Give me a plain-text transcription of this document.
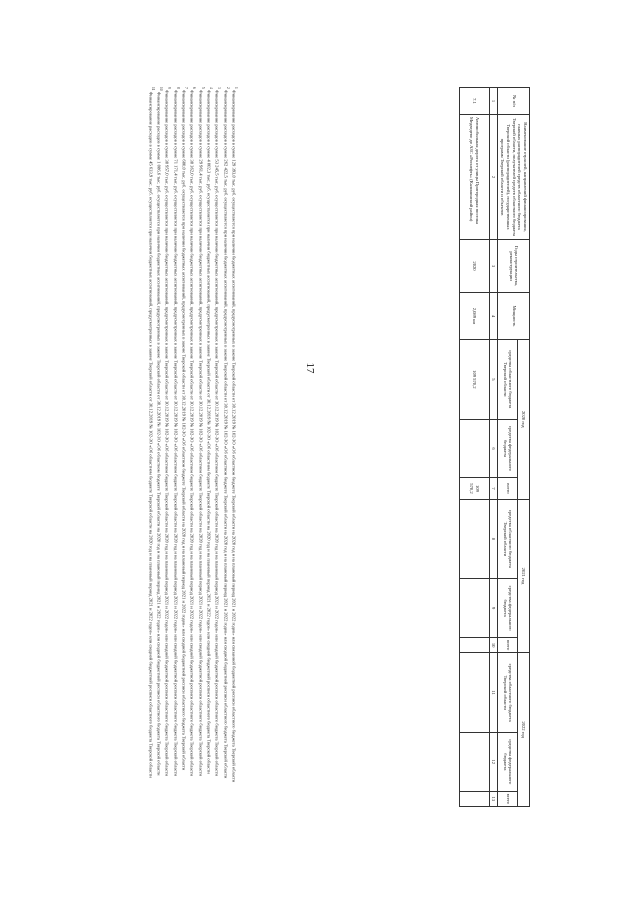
17
№ п/п	Наименование отраслей, направлений финансирования, главных распорядителей средств областного бюджета Тверской области, получателей средств областного бюджета Тверской области (распорядителей), государственных программ Тверской области и объектов	Годы строительства, реконструкции	Мощность	2020 год			2021 год			2022 год		
				средства областного бюджета Тверской области	средства федерального бюджета	всего	средства областного бюджета Тверской области	средства федерального бюджета	всего	средства областного бюджета Тверской области	средства федерального бюджета	всего
1	2	3	4	5	6	7	8	9	10	11	12	13
7.1	Автомобильная дорога от улицы Пригородная поселка Медведево до АЗС «Роснефть» (Калининский район)	2020	2,089 км	109 570,2		109 570,2						

$^1$ Финансирование расходов в сумме 129 393,0 тыс. руб. осуществляется при наличии бюджетных ассигнований, предусмотренных в законе Тверской области от 30.12.2019 № 102-ЗО «Об областном бюджете Тверской области на 2020 год и на плановый период 2021 и 2022 годов» или связанной бюджетной росписи областного бюджета Тверской области

$^2$ Финансирование расходов в сумме 262 422,5 тыс. руб. осуществляется при наличии бюджетных ассигнований, предусмотренных в законе Тверской области от 30.12.2019 № 102-ЗО «Об областном бюджете Тверской области на 2020 год и на плановый период 2021 и 2022 годов» или сводной бюджетной росписи областного бюджета Тверской области

$^3$ Финансирование расходов в сумме 53 245,5 тыс. руб. осуществляется при наличии бюджетных ассигнований, предусмотренных в законе Тверской области от 30.12.2019 № 102-ЗО «Об областном бюджете Тверской области на 2020 год и на плановый период 2021 и 2022 годов» или сводной бюджетной росписи областного бюджета Тверской области

$^4$ Финансирование расходов в сумме 4 002,3 тыс. руб. осуществляется при наличии бюджетных ассигнований, предусмотренных в законе Тверской области от 30.12.2019 № 102-ЗО «Об областном бюджете Тверской области на 2020 год и на плановый период 2021 и 2022 годов» или сводной бюджетной росписи областного бюджета Тверской области

$^5$ Финансирование расходов в сумме 29 961,4 тыс. руб. осуществляется при наличии бюджетных ассигнований, предусмотренных в законе Тверской области от 30.12.2019 № 102-ЗО «Об областном бюджете Тверской области на 2020 год и на плановый период 2021 и 2022 годов» или сводной бюджетной росписи областного бюджета Тверской области

$^6$ Финансирование расходов в сумме 38 362,0 тыс. руб. осуществляется при наличии бюджетных ассигнований, предусмотренных в законе Тверской области от 30.12.2019 № 102-ЗО «Об областном бюджете Тверской области на 2020 год и на плановый период 2021 и 2022 годов» или сводной бюджетной росписи областного бюджета Тверской области

$^7$ Финансирование расходов в сумме 680,0 тыс. руб. осуществляется при наличии бюджетных ассигнований, предусмотренных в законе Тверской области от 30.12.2019 № 102-ЗО «Об областном бюджете Тверской области на 2020 год и на плановый период 2021 и 2022 годов» или сводной бюджетной росписи областного бюджета Тверской области

$^8$ Финансирование расходов в сумме 71 171,4 тыс. руб. осуществляется при наличии бюджетных ассигнований, предусмотренных в законе Тверской области от 30.12.2019 № 102-ЗО «Об областном бюджете Тверской области на 2020 год и на плановый период 2021 и 2022 годов» или сводной бюджетной росписи областного бюджета Тверской области

$^9$ Финансирование расходов в сумме 38 957,0 тыс. руб. осуществляется при наличии бюджетных ассигнований, предусмотренных в законе Тверской области от 30.12.2019 № 102-ЗО «Об областном бюджете Тверской области на 2020 год и на плановый период 2021 и 2022 годов» или сводной бюджетной росписи областного бюджета Тверской области

$^{10}$ Финансирование расходов в сумме 1 086,6 тыс. руб. осуществляется при наличии бюджетных ассигнований, предусмотренных в законе Тверской области от 30.12.2019 № 102-ЗО «Об областном бюджете Тверской области на 2020 год и на плановый период 2021 и 2022 годов» или сводной бюджетной росписи областного бюджета Тверской области

$^{11}$ Финансирование расходов в сумме 45 633,9 тыс. руб. осуществляется при наличии бюджетных ассигнований, предусмотренных в законе Тверской области от 30.12.2019 № 102-ЗО «Об областном бюджете Тверской области на 2020 год и на плановый период 2021 и 2022 годов» или сводной бюджетной росписи областного бюджета Тверской области
